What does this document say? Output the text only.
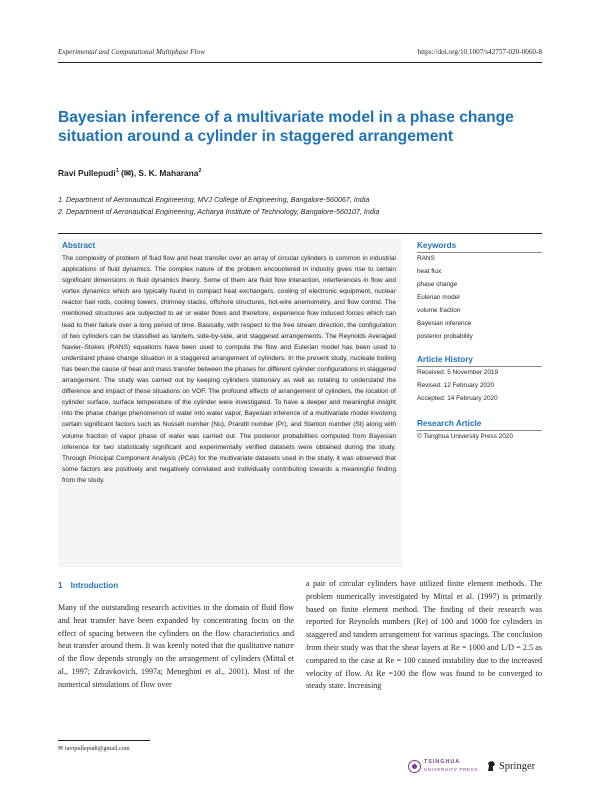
Experimental and Computational Multiphase Flow	https://doi.org/10.1007/s42757-020-0060-8
Bayesian inference of a multivariate model in a phase change situation around a cylinder in staggered arrangement
Ravi Pullepudi$^1$ (✉), S. K. Maharana$^2$
1. Department of Aeronautical Engineering, MVJ College of Engineering, Bangalore-560067, India
2. Department of Aeronautical Engineering, Acharya Institute of Technology, Bangalore-560107, India
Abstract

The complexity of problem of fluid flow and heat transfer over an array of circular cylinders is common in industrial applications of fluid dynamics. The complex nature of the problem encountered in industry gives rise to certain significant dimensions in fluid dynamics theory. Some of them are fluid flow interaction, interferences in flow and vortex dynamics which are typically found in compact heat exchangers, cooling of electronic equipment, nuclear reactor fuel rods, cooling towers, chimney stacks, offshore structures, hot-wire anemometry, and flow control. The mentioned structures are subjected to air or water flows and therefore, experience flow induced forces which can lead to their failure over a long period of time. Basically, with respect to the free stream direction, the configuration of two cylinders can be classified as tandem, side-by-side, and staggered arrangements. The Reynolds Averaged Navier–Stokes (RANS) equations have been used to compute the flow and Eulerian model has been used to understand phase change situation in a staggered arrangement of cylinders. In the present study, nucleate boiling has been the cause of heat and mass transfer between the phases for different cylinder configurations in staggered arrangement. The study was carried out by keeping cylinders stationary as well as rotating to understand the difference and impact of these situations on VOF. The profound effects of arrangement of cylinders, the location of cylinder surface, surface temperature of the cylinder were investigated. To have a deeper and meaningful insight into the phase change phenomenon of water into water vapor, Bayesian inference of a multivariate model involving certain significant factors such as Nusselt number (Nu), Prandtl number (Pr), and Stanton number (St) along with volume fraction of vapor phase of water was carried out. The posterior probabilities computed from Bayesian inference for two statistically significant and experimentally verified datasets were obtained during the study. Through Principal Component Analysis (PCA) for the multivariate datasets used in the study, it was observed that some factors are positively and negatively correlated and individually contributing towards a meaningful finding from the study.

Keywords
RANS
heat flux
phase change
Eulerian model
volume fraction
Bayesian inference
posterior probability
Article History
Received: 5 November 2019
Revised: 12 February 2020
Accepted: 14 February 2020
Research Article
© Tsinghua University Press 2020
1 Introduction

Many of the outstanding research activities in the domain of fluid flow and heat transfer have been expanded by concentrating focus on the effect of spacing between the cylinders on the flow characteristics and heat transfer around them. It was keenly noted that the qualitative nature of the flow depends strongly on the arrangement of cylinders (Mittal et al., 1997; Zdravkovich, 1997a; Meneghini et al., 2001). Most of the numerical simulations of flow over

a pair of circular cylinders have utilized finite element methods. The problem numerically investigated by Mittal et al. (1997) is primarily based on finite element method. The finding of their research was reported for Reynolds numbers (Re) of 100 and 1000 for cylinders in staggered and tandem arrangement for various spacings. The conclusion from their study was that the shear layers at Re = 1000 and L/D = 2.5 as compared to the case at Re = 100 caused instability due to the increased velocity of flow. At Re =100 the flow was found to be converged to steady state. Increasing

✉ ravipullepudi@gmail.com
TSINGHUA
UNIVERSITY PRESS Springer
